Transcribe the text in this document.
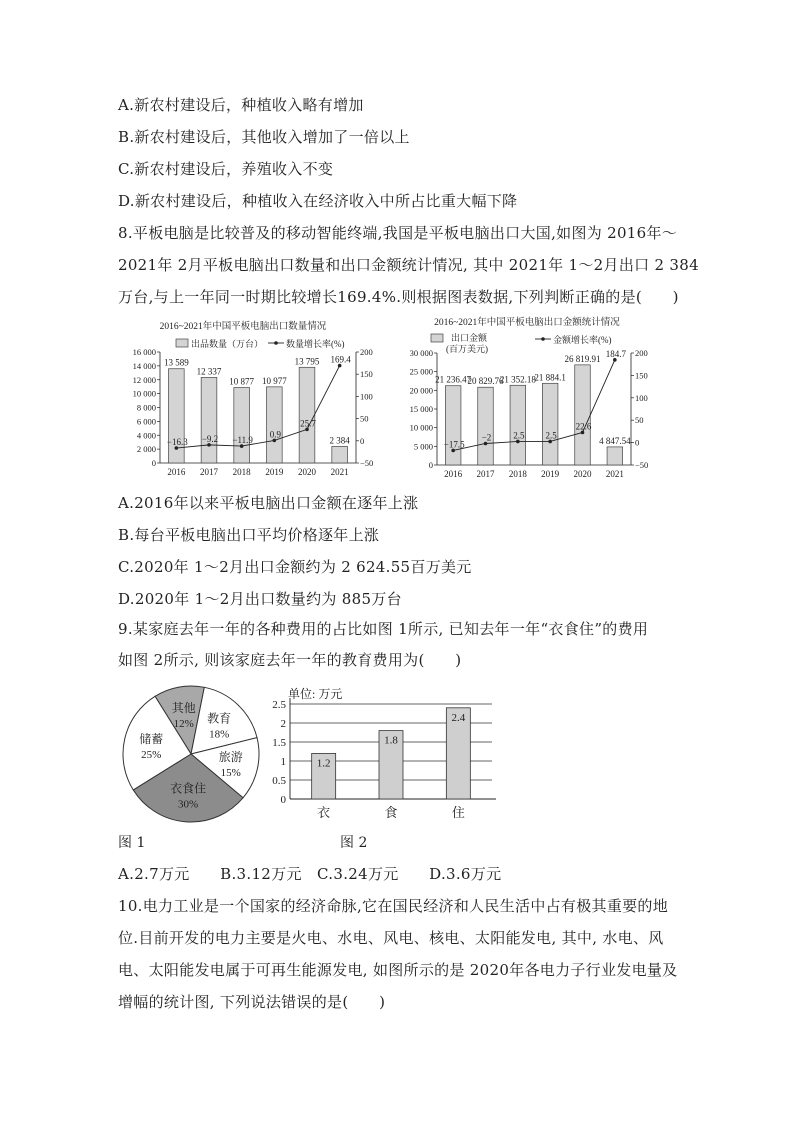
A.新农村建设后，种植收入略有增加
B.新农村建设后，其他收入增加了一倍以上
C.新农村建设后，养殖收入不变
D.新农村建设后，种植收入在经济收入中所占比重大幅下降
8.平板电脑是比较普及的移动智能终端,我国是平板电脑出口大国,如图为 2016年～
2021年 2月平板电脑出口数量和出口金额统计情况, 其中 2021年 1～2月出口 2 384
万台,与上一年同一时期比较增长169.4%.则根据图表数据,下列判断正确的是(　　)
2016~2021年中国平板电脑出口数量情况
出品数量（万台）	数量增长率(%)
0
2 000
4 000
6 000
8 000
10 000
12 000
14 000
16 000
−50
0
50
100
150
200
13 589
2016
12 337
2017
10 877
2018
10 977
2019
13 795
2020
2 384
2021
−16.3 −9.2 −11.9
0.9
25.7
169.4
2016~2021年中国平板电脑出口金额统计情况
出口金额
(百万美元)
金额增长率(%)
0
5 000
10 000
15 000
20 000
25 000
30 000
−50
0
50
100
150
200
21 236.47
2016
20 829.76
2017
21 352.18
2018
21 884.1
2019
26 819.91
2020
4 847.54
2021
−17.5
−2 2.5 2.5
22.6
184.7
A.2016年以来平板电脑出口金额在逐年上涨
B.每台平板电脑出口平均价格逐年上涨
C.2020年 1～2月出口金额约为 2 624.55百万美元
D.2020年 1～2月出口数量约为 885万台
9.某家庭去年一年的各种费用的占比如图 1所示, 已知去年一年“衣食住”的费用
如图 2所示, 则该家庭去年一年的教育费用为(　　)
其他
12% 教育
18%
旅游
15%
衣食住
30%
储蓄
25%
单位: 万元
0
0.5
1
1.5
2
2.5
1.2
衣
1.8
食
2.4
住
图 1	图 2
A.2.7万元　　B.3.12万元　C.3.24万元　　D.3.6万元
10.电力工业是一个国家的经济命脉,它在国民经济和人民生活中占有极其重要的地
位.目前开发的电力主要是火电、水电、风电、核电、太阳能发电, 其中, 水电、风
电、太阳能发电属于可再生能源发电, 如图所示的是 2020年各电力子行业发电量及
增幅的统计图, 下列说法错误的是(　　)
